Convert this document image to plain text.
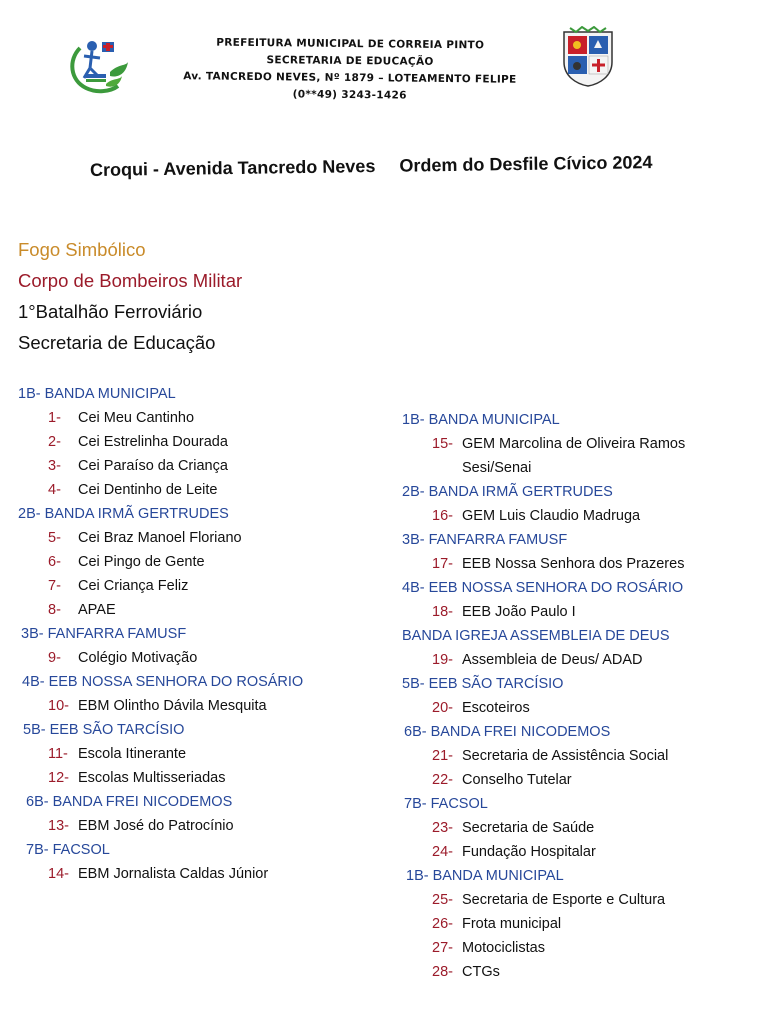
PREFEITURA MUNICIPAL DE CORREIA PINTO
SECRETARIA DE EDUCAÇÃO
Av. TANCREDO NEVES, Nº 1879 – LOTEAMENTO FELIPE
(0**49) 3243-1426
Croqui - Avenida Tancredo Neves Ordem do Desfile Cívico 2024
Fogo Simbólico
Corpo de Bombeiros Militar
1°Batalhão Ferroviário
Secretaria de Educação
1B- BANDA MUNICIPAL
1- Cei Meu Cantinho
2- Cei Estrelinha Dourada
3- Cei Paraíso da Criança
4- Cei Dentinho de Leite
2B- BANDA IRMÃ GERTRUDES
5- Cei Braz Manoel Floriano
6- Cei Pingo de Gente
7- Cei Criança Feliz
8- APAE
3B- FANFARRA FAMUSF
9- Colégio Motivação
4B- EEB NOSSA SENHORA DO ROSÁRIO
10- EBM Olintho Dávila Mesquita
5B- EEB SÃO TARCÍSIO
11- Escola Itinerante
12- Escolas Multisseriadas
6B- BANDA FREI NICODEMOS
13- EBM José do Patrocínio
7B- FACSOL
14- EBM Jornalista Caldas Júnior
1B- BANDA MUNICIPAL
15- GEM Marcolina de Oliveira Ramos
Sesi/Senai
2B- BANDA IRMÃ GERTRUDES
16- GEM Luis Claudio Madruga
3B- FANFARRA FAMUSF
17- EEB Nossa Senhora dos Prazeres
4B- EEB NOSSA SENHORA DO ROSÁRIO
18- EEB João Paulo I
BANDA IGREJA ASSEMBLEIA DE DEUS
19- Assembleia de Deus/ ADAD
5B- EEB SÃO TARCÍSIO
20- Escoteiros
6B- BANDA FREI NICODEMOS
21- Secretaria de Assistência Social
22- Conselho Tutelar
7B- FACSOL
23- Secretaria de Saúde
24- Fundação Hospitalar
1B- BANDA MUNICIPAL
25- Secretaria de Esporte e Cultura
26- Frota municipal
27- Motociclistas
28- CTGs
